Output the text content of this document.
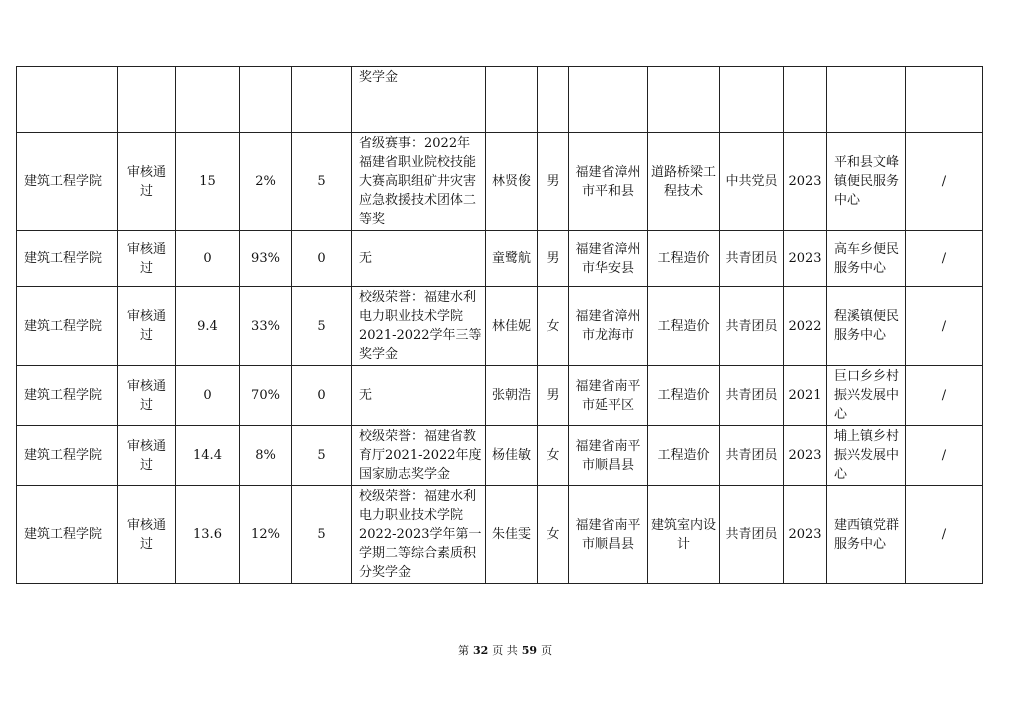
					奖学金								
建筑工程学院	审核通过	15	2%	5	省级赛事：2022年福建省职业院校技能大赛高职组矿井灾害应急救援技术团体二等奖	林贤俊	男	福建省漳州市平和县	道路桥梁工程技术	中共党员	2023	平和县文峰镇便民服务中心	/
建筑工程学院	审核通过	0	93%	0	无	童鹭航	男	福建省漳州市华安县	工程造价	共青团员	2023	高车乡便民服务中心	/
建筑工程学院	审核通过	9.4	33%	5	校级荣誉：福建水利电力职业技术学院2021-2022学年三等奖学金	林佳妮	女	福建省漳州市龙海市	工程造价	共青团员	2022	程溪镇便民服务中心	/
建筑工程学院	审核通过	0	70%	0	无	张朝浩	男	福建省南平市延平区	工程造价	共青团员	2021	巨口乡乡村振兴发展中心	/
建筑工程学院	审核通过	14.4	8%	5	校级荣誉：福建省教育厅2021-2022年度国家励志奖学金	杨佳敏	女	福建省南平市顺昌县	工程造价	共青团员	2023	埔上镇乡村振兴发展中心	/
建筑工程学院	审核通过	13.6	12%	5	校级荣誉：福建水利电力职业技术学院2022-2023学年第一学期二等综合素质积分奖学金	朱佳雯	女	福建省南平市顺昌县	建筑室内设计	共青团员	2023	建西镇党群服务中心	/
第 32 页 共 59 页
